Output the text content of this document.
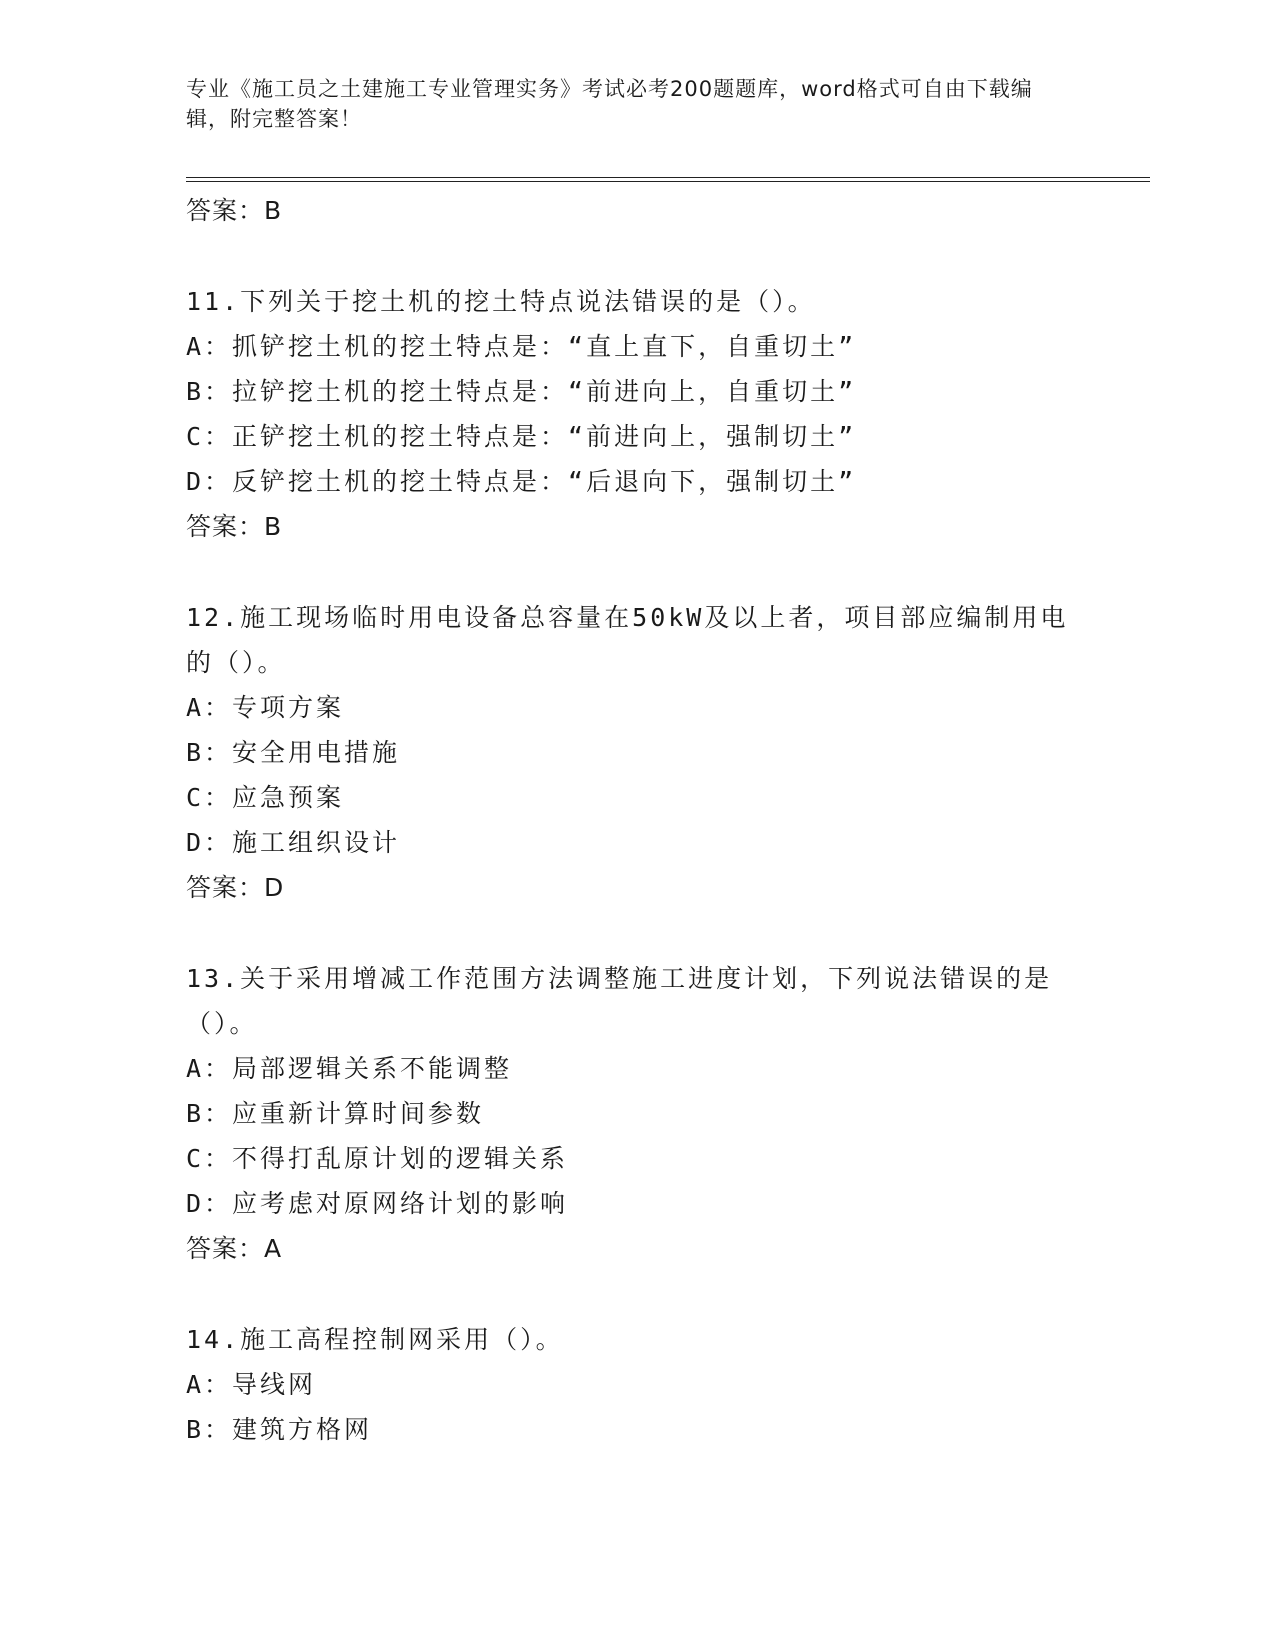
专业《施工员之土建施工专业管理实务》考试必考200题题库，word格式可自由下载编辑，附完整答案！
答案：B
11.下列关于挖土机的挖土特点说法错误的是（）。
A：抓铲挖土机的挖土特点是：“直上直下，自重切土”
B：拉铲挖土机的挖土特点是：“前进向上，自重切土”
C：正铲挖土机的挖土特点是：“前进向上，强制切土”
D：反铲挖土机的挖土特点是：“后退向下，强制切土”
答案：B
12.施工现场临时用电设备总容量在50kW及以上者，项目部应编制用电的（）。
A：专项方案
B：安全用电措施
C：应急预案
D：施工组织设计
答案：D
13.关于采用增减工作范围方法调整施工进度计划，下列说法错误的是（）。
A：局部逻辑关系不能调整
B：应重新计算时间参数
C：不得打乱原计划的逻辑关系
D：应考虑对原网络计划的影响
答案：A
14.施工高程控制网采用（）。
A：导线网
B：建筑方格网
